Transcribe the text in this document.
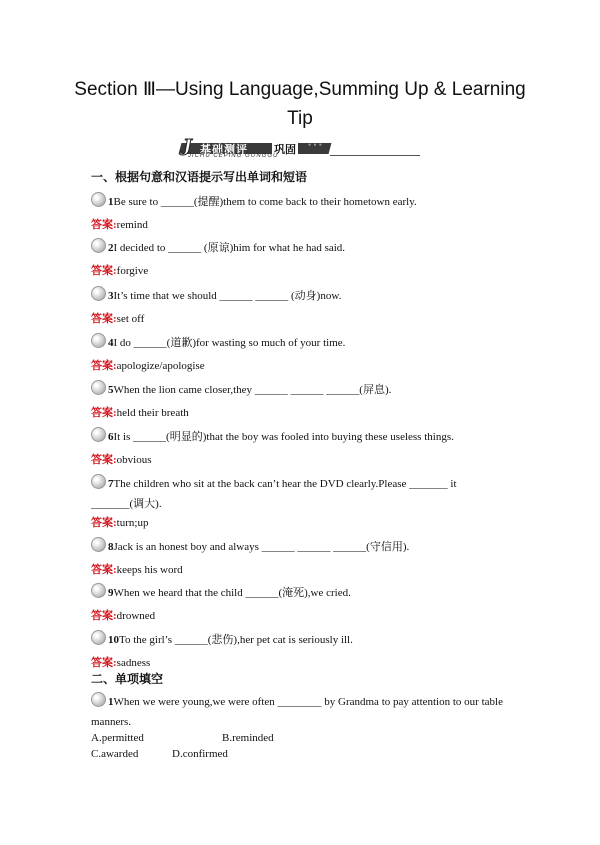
Section Ⅲ—Using Language,Summing Up & Learning
Tip
J 基础测评 巩固 • • •
JICHU CEPING GONGGU
一、根据句意和汉语提示写出单词和短语
1Be sure to ______(提醒)them to come back to their hometown early.
答案:remind
2I decided to ______ (原谅)him for what he had said.
答案:forgive
3It’s time that we should ______ ______ (动身)now.
答案:set off
4I do ______(道歉)for wasting so much of your time.
答案:apologize/apologise
5When the lion came closer,they ______ ______ ______(屏息).
答案:held their breath
6It is ______(明显的)that the boy was fooled into buying these useless things.
答案:obvious
7The children who sit at the back can’t hear the DVD clearly.Please _______ it _______(调大).
答案:turn;up
8Jack is an honest boy and always ______ ______ ______(守信用).
答案:keeps his word
9When we heard that the child ______(淹死),we cried.
答案:drowned
10To the girl’s ______(悲伤),her pet cat is seriously ill.
答案:sadness
二、单项填空
1When we were young,we were often ________ by Grandma to pay attention to our table manners.
A.permitted	B.reminded
C.awarded	D.confirmed
